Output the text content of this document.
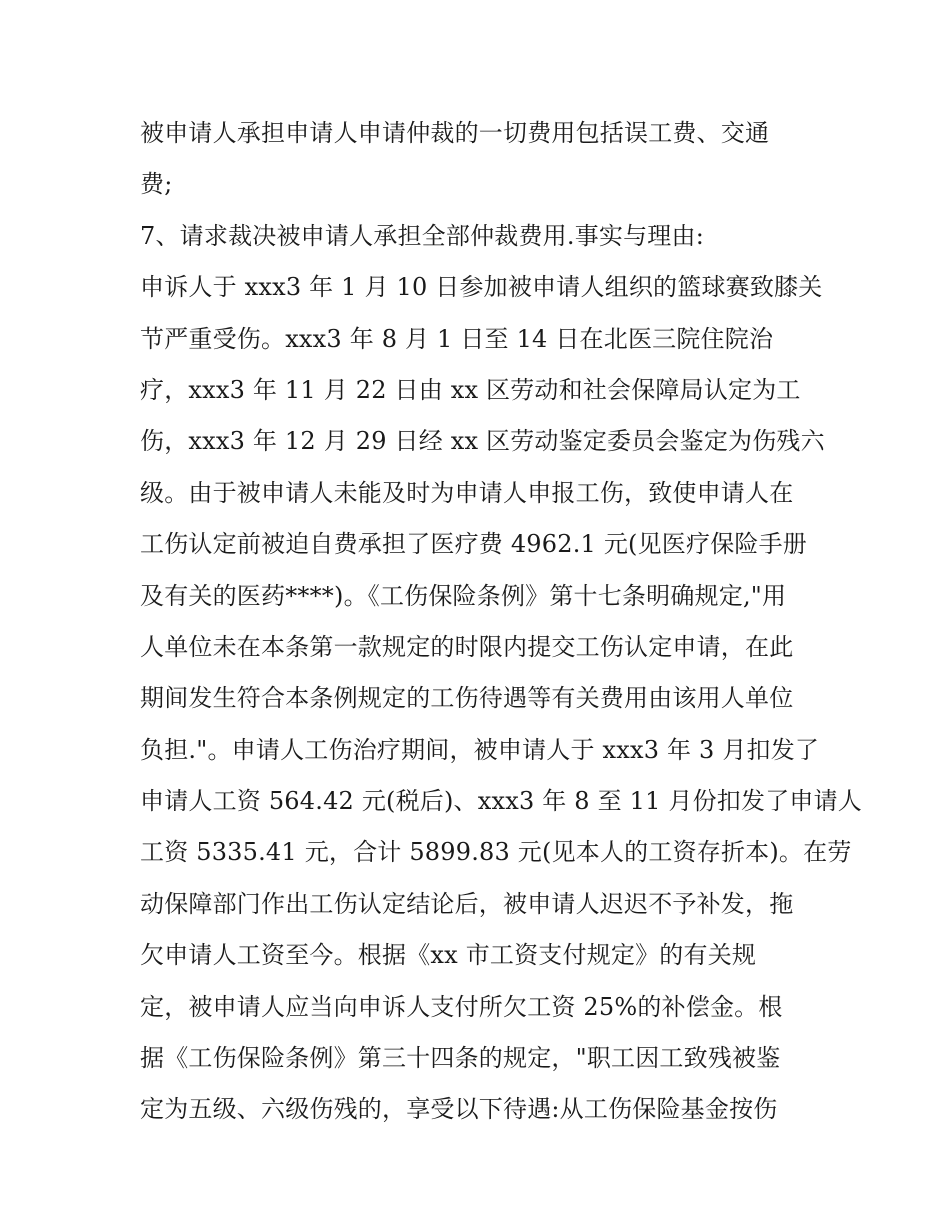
被申请人承担申请人申请仲裁的一切费用包括误工费、交通
费;
7、请求裁决被申请人承担全部仲裁费用.事实与理由:
申诉人于 xxx3 年 1 月 10 日参加被申请人组织的篮球赛致膝关
节严重受伤。xxx3 年 8 月 1 日至 14 日在北医三院住院治
疗，xxx3 年 11 月 22 日由 xx 区劳动和社会保障局认定为工
伤，xxx3 年 12 月 29 日经 xx 区劳动鉴定委员会鉴定为伤残六
级。由于被申请人未能及时为申请人申报工伤，致使申请人在
工伤认定前被迫自费承担了医疗费 4962.1 元(见医疗保险手册
及有关的医药****)。《工伤保险条例》第十七条明确规定,"用
人单位未在本条第一款规定的时限内提交工伤认定申请，在此
期间发生符合本条例规定的工伤待遇等有关费用由该用人单位
负担."。申请人工伤治疗期间，被申请人于 xxx3 年 3 月扣发了
申请人工资 564.42 元(税后)、xxx3 年 8 至 11 月份扣发了申请人
工资 5335.41 元，合计 5899.83 元(见本人的工资存折本)。在劳
动保障部门作出工伤认定结论后，被申请人迟迟不予补发，拖
欠申请人工资至今。根据《xx 市工资支付规定》的有关规
定，被申请人应当向申诉人支付所欠工资 25%的补偿金。根
据《工伤保险条例》第三十四条的规定，"职工因工致残被鉴
定为五级、六级伤残的，享受以下待遇:从工伤保险基金按伤
